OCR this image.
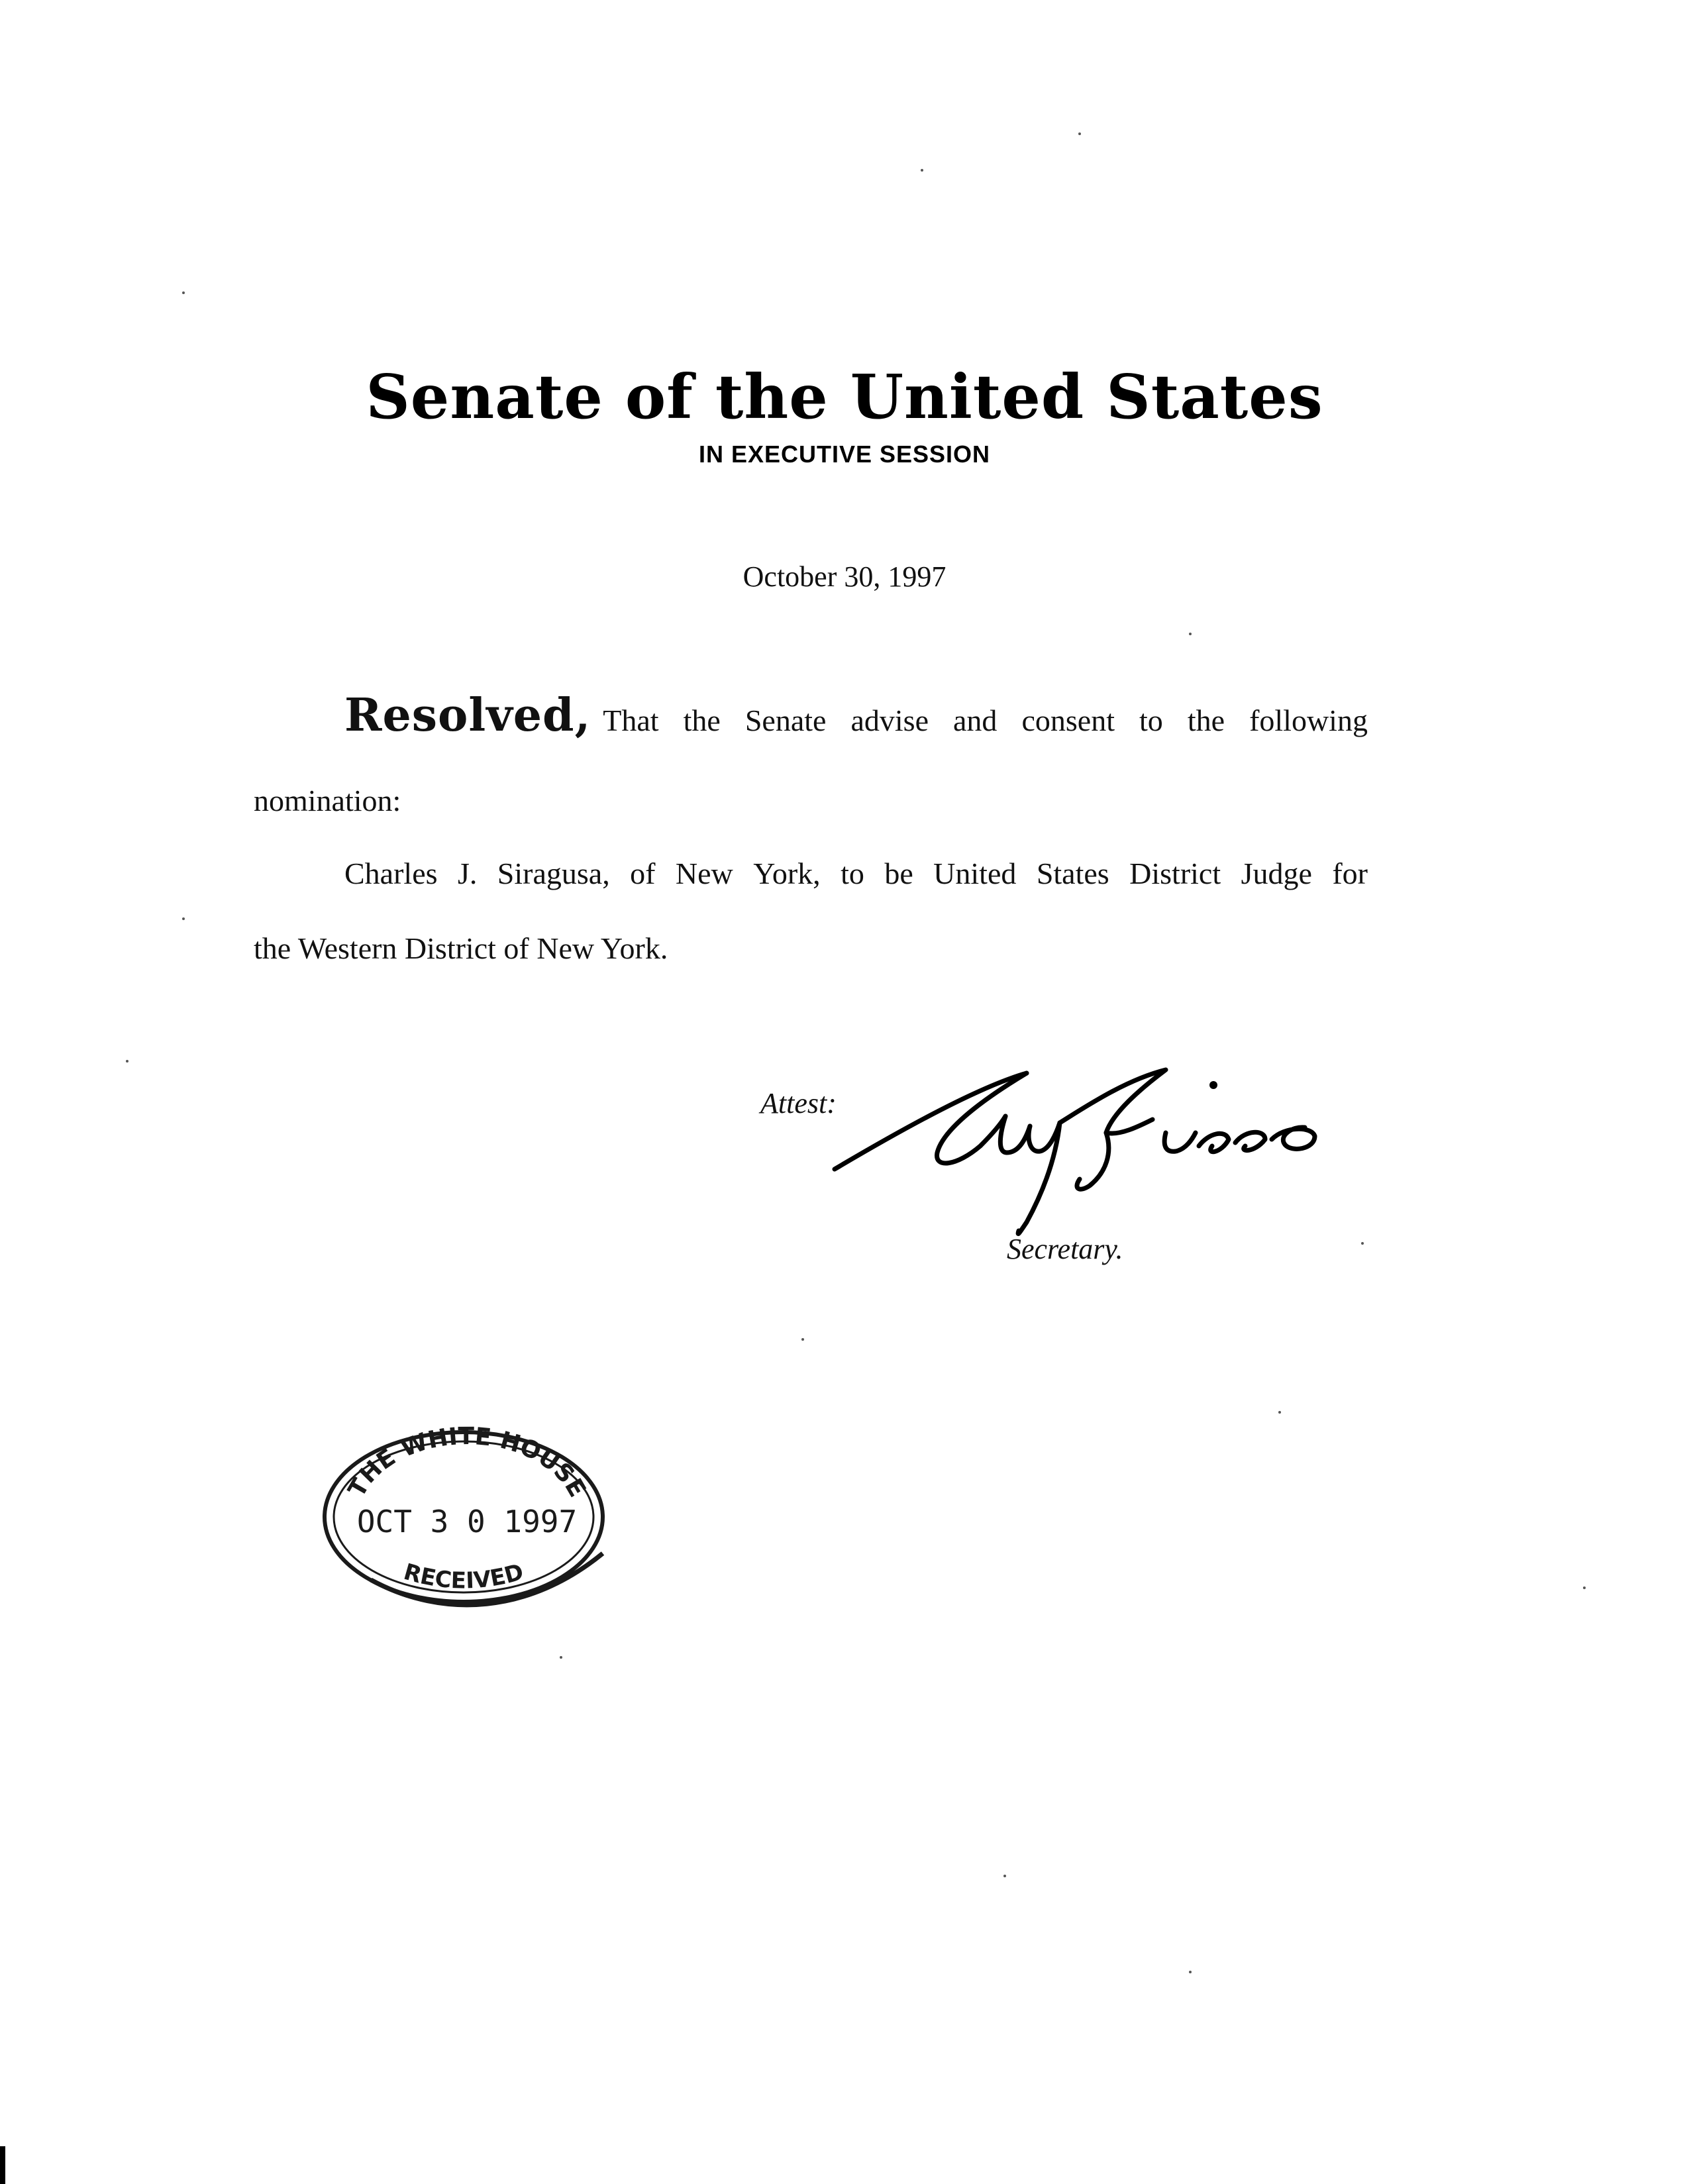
Senate of the United States
IN EXECUTIVE SESSION
October 30, 1997
Resolved, That the Senate advise and consent to the following
nomination:
Charles J. Siragusa, of New York, to be United States District Judge for
the Western District of New York.
Attest:
Secretary.
THE WHITE HOUSE
OCT 3 0 1997
RECEIVED
